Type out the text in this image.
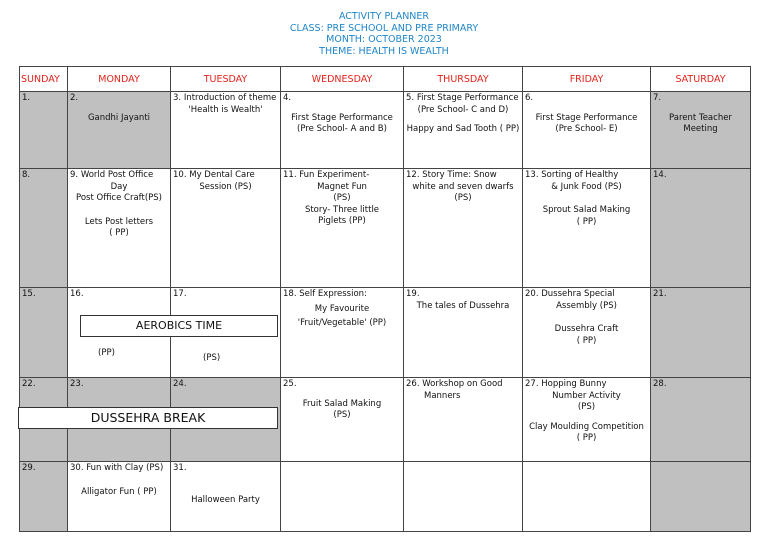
ACTIVITY PLANNER
CLASS: PRE SCHOOL AND PRE PRIMARY
MONTH: OCTOBER 2023
THEME: HEALTH IS WEALTH
SUNDAY	MONDAY	TUESDAY	WEDNESDAY	THURSDAY	FRIDAY	SATURDAY

1.	2.
Gandhi Jayanti	3. Introduction of theme
'Health is Wealth'	4.
First Stage Performance
(Pre School- A and B)	5. First Stage Performance
(Pre School- C and D)
Happy and Sad Tooth ( PP)	6.
First Stage Performance
(Pre School- E)	7.
Parent Teacher
Meeting

8.	9. World Post Office
Day
Post Office Craft(PS)
Lets Post letters
( PP)	10. My Dental Care
Session (PS)	11. Fun Experiment-
Magnet Fun
(PS)
Story- Three little
Piglets (PP)	12. Story Time: Snow
white and seven dwarfs
(PS)	13. Sorting of Healthy
& Junk Food (PS)
Sprout Salad Making
( PP)	14.

15.	16.
(PP)	17.
(PS)	18. Self Expression:
My Favourite
'Fruit/Vegetable' (PP)	19.
The tales of Dussehra	20. Dussehra Special
Assembly (PS)
Dussehra Craft
( PP)	21.

22.	23.	24.	25.
Fruit Salad Making
(PS)	26. Workshop on Good
Manners	27. Hopping Bunny
Number Activity
(PS)
Clay Moulding Competition
( PP)	28.

29.	30. Fun with Clay (PS)
Alligator Fun ( PP)	31.
Halloween Party				

AEROBICS TIME
DUSSEHRA BREAK
